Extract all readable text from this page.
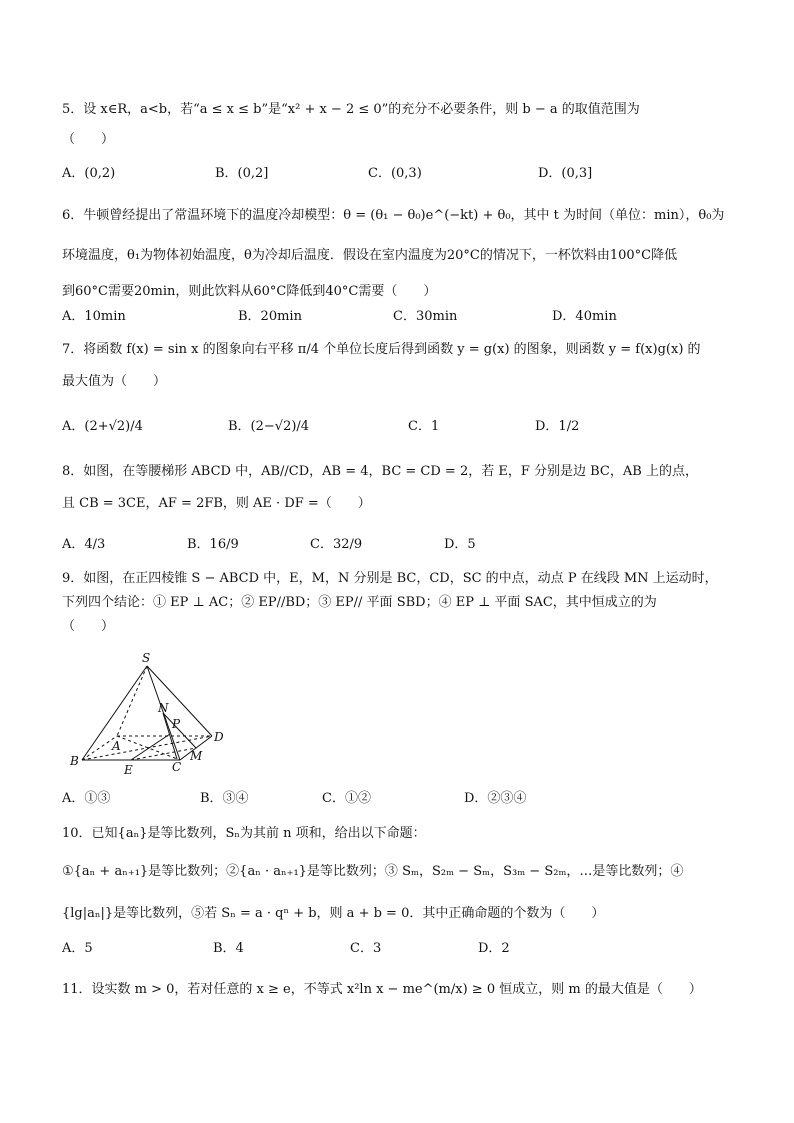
5．设 x∈R，a<b，若“a ≤ x ≤ b”是“x² + x − 2 ≤ 0”的充分不必要条件，则 b − a 的取值范围为
（　　）
A．(0,2)	B．(0,2]	C．(0,3)	D．(0,3]
6．牛顿曾经提出了常温环境下的温度冷却模型：θ = (θ₁ − θ₀)e^(−kt) + θ₀，其中 t 为时间（单位：min），θ₀为
环境温度，θ₁为物体初始温度，θ为冷却后温度．假设在室内温度为20°C的情况下，一杯饮料由100°C降低
到60°C需要20min，则此饮料从60°C降低到40°C需要（　　）
A．10min	B．20min	C．30min	D．40min
7．将函数 f(x) = sin x 的图象向右平移 π/4 个单位长度后得到函数 y = g(x) 的图象，则函数 y = f(x)g(x) 的
最大值为（　　）
A．(2+√2)/4	B．(2−√2)/4	C．1	D．1/2
8．如图，在等腰梯形 ABCD 中，AB//CD，AB = 4，BC = CD = 2，若 E，F 分别是边 BC，AB 上的点，
且 CB = 3CE，AF = 2FB，则 AE · DF =（　　）
A．4/3	B．16/9	C．32/9	D．5
9．如图，在正四棱锥 S − ABCD 中，E，M，N 分别是 BC，CD，SC 的中点，动点 P 在线段 MN 上运动时，
下列四个结论：① EP ⊥ AC；② EP//BD；③ EP// 平面 SBD；④ EP ⊥ 平面 SAC，其中恒成立的为
（　　）
S
N
P
A
D
B	C
M
E
A．①③	B．③④	C．①②	D．②③④
10．已知{aₙ}是等比数列，Sₙ为其前 n 项和，给出以下命题：
①{aₙ + aₙ₊₁}是等比数列；②{aₙ · aₙ₊₁}是等比数列；③ Sₘ，S₂ₘ − Sₘ，S₃ₘ − S₂ₘ，…是等比数列；④
{lg|aₙ|}是等比数列，⑤若 Sₙ = a · qⁿ + b，则 a + b = 0．其中正确命题的个数为（　　）
A．5	B．4	C．3	D．2
11．设实数 m > 0，若对任意的 x ≥ e，不等式 x²ln x − me^(m/x) ≥ 0 恒成立，则 m 的最大值是（　　）
